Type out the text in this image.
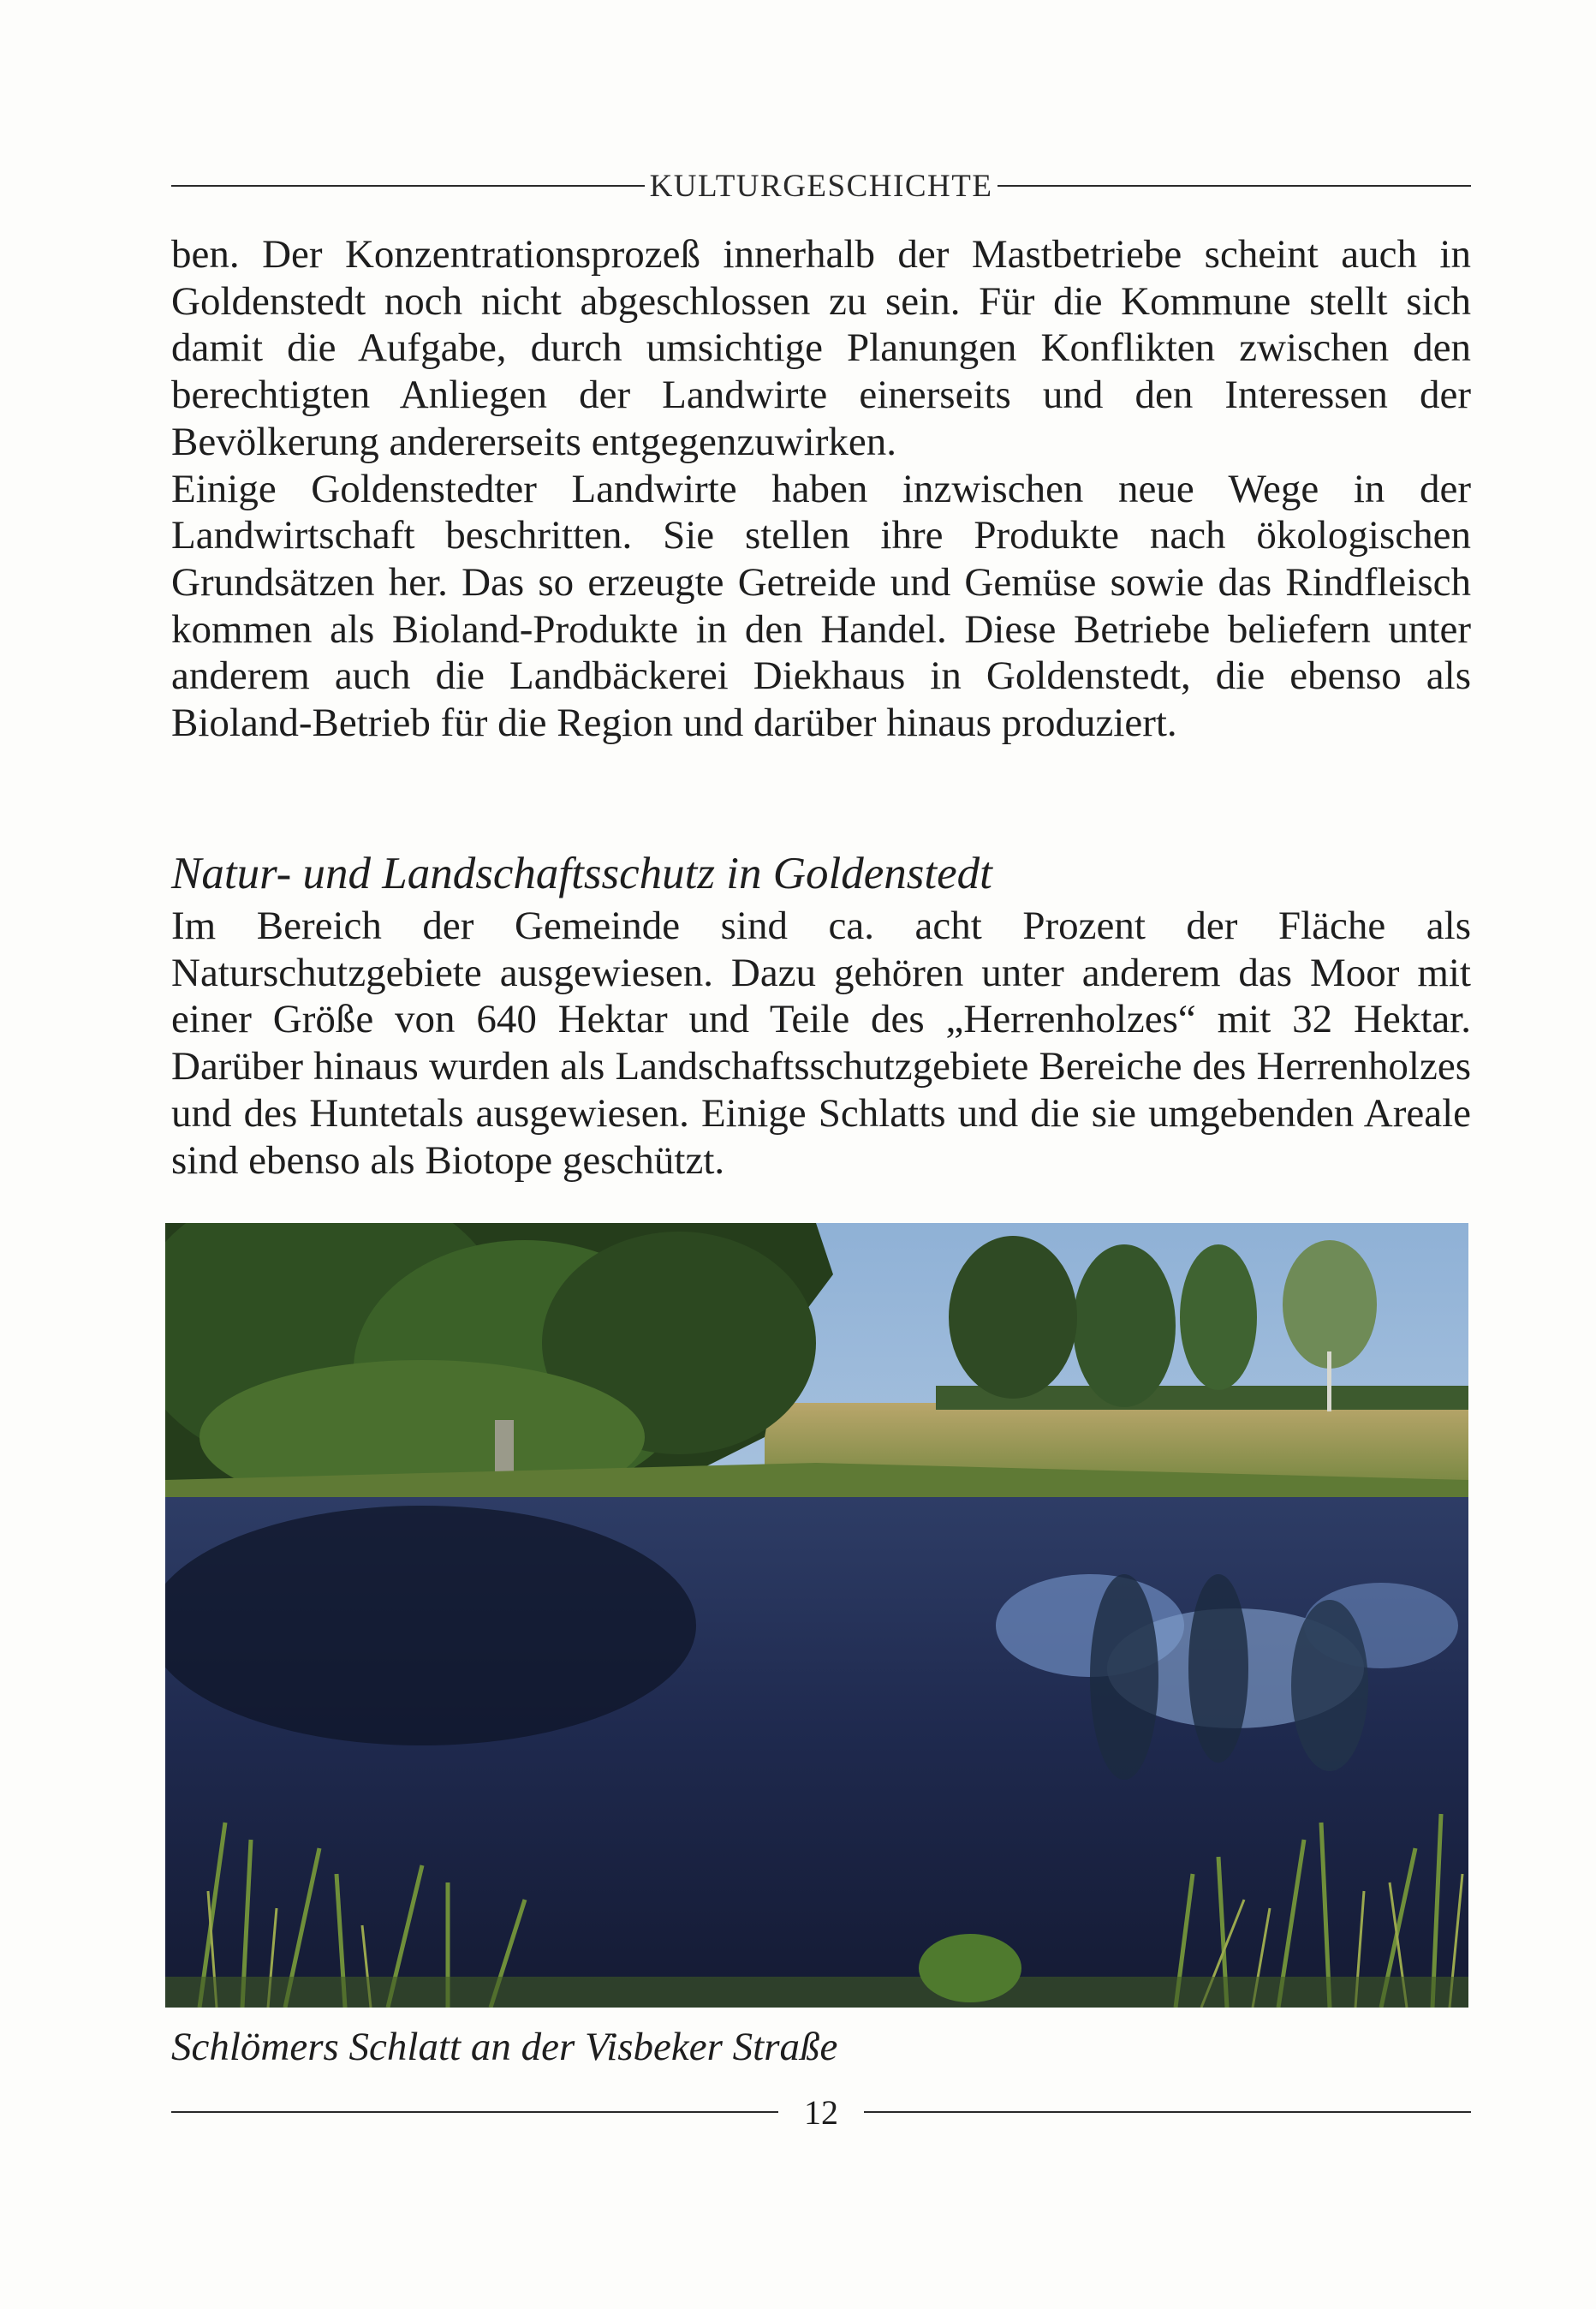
KULTURGESCHICHTE

ben. Der Konzentrationsprozeß innerhalb der Mastbetriebe scheint auch in Goldenstedt noch nicht abgeschlossen zu sein. Für die Kommune stellt sich damit die Aufgabe, durch umsichtige Planungen Konflikten zwischen den berechtigten Anliegen der Landwirte einerseits und den Interessen der Bevölkerung andererseits entgegenzuwirken.

Einige Goldenstedter Landwirte haben inzwischen neue Wege in der Landwirtschaft beschritten. Sie stellen ihre Produkte nach ökologischen Grundsätzen her. Das so erzeugte Getreide und Gemüse sowie das Rindfleisch kommen als Bioland-Produkte in den Handel. Diese Betriebe beliefern unter anderem auch die Landbäckerei Diekhaus in Goldenstedt, die ebenso als Bioland-Betrieb für die Region und darüber hinaus produziert.

Natur- und Landschaftsschutz in Goldenstedt

Im Bereich der Gemeinde sind ca. acht Prozent der Fläche als Naturschutzgebiete ausgewiesen. Dazu gehören unter anderem das Moor mit einer Größe von 640 Hektar und Teile des „Herrenholzes“ mit 32 Hektar. Darüber hinaus wurden als Landschaftsschutzgebiete Bereiche des Herrenholzes und des Huntetals ausgewiesen. Einige Schlatts und die sie umgebenden Areale sind ebenso als Biotope geschützt.

Schlömers Schlatt an der Visbeker Straße
12
